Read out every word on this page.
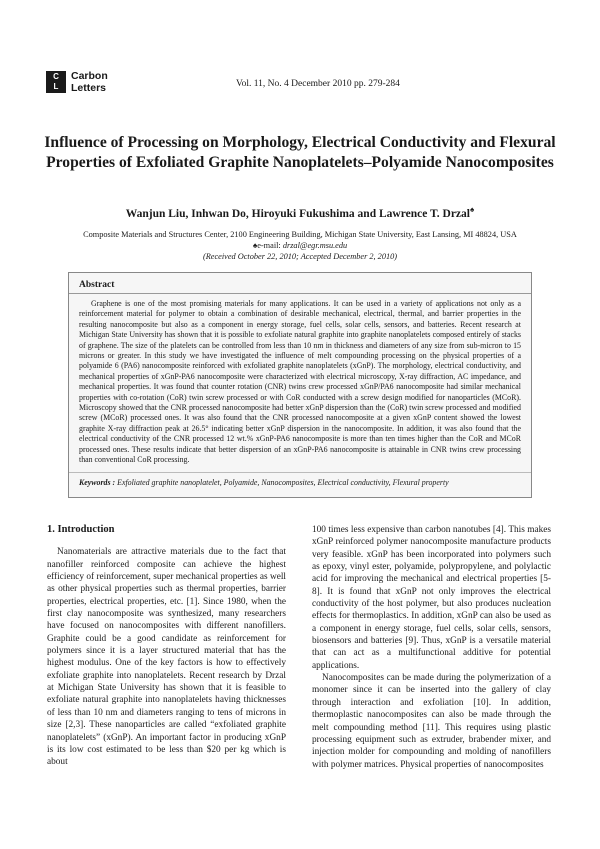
C
L
Carbon
Letters	Vol. 11, No. 4 December 2010 pp. 279-284
Influence of Processing on Morphology, Electrical Conductivity and Flexural Properties of Exfoliated Graphite Nanoplatelets–Polyamide Nanocomposites
Wanjun Liu, Inhwan Do, Hiroyuki Fukushima and Lawrence T. Drzal♠
Composite Materials and Structures Center, 2100 Engineering Building, Michigan State University, East Lansing, MI 48824, USA
♠e-mail: drzal@egr.msu.edu
(Received October 22, 2010; Accepted December 2, 2010)
Abstract

Graphene is one of the most promising materials for many applications. It can be used in a variety of applications not only as a reinforcement material for polymer to obtain a combination of desirable mechanical, electrical, thermal, and barrier properties in the resulting nanocomposite but also as a component in energy storage, fuel cells, solar cells, sensors, and batteries. Recent research at Michigan State University has shown that it is possible to exfoliate natural graphite into graphite nanoplatelets composed entirely of stacks of graphene. The size of the platelets can be controlled from less than 10 nm in thickness and diameters of any size from sub-micron to 15 microns or greater. In this study we have investigated the influence of melt compounding processing on the physical properties of a polyamide 6 (PA6) nanocomposite reinforced with exfoliated graphite nanoplatelets (xGnP). The morphology, electrical conductivity, and mechanical properties of xGnP-PA6 nanocomposite were characterized with electrical microscopy, X-ray diffraction, AC impedance, and mechanical properties. It was found that counter rotation (CNR) twins crew processed xGnP/PA6 nanocomposite had similar mechanical properties with co-rotation (CoR) twin screw processed or with CoR conducted with a screw design modified for nanoparticles (MCoR). Microscopy showed that the CNR processed nanocomposite had better xGnP dispersion than the (CoR) twin screw processed and modified screw (MCoR) processed ones. It was also found that the CNR processed nanocomposite at a given xGnP content showed the lowest graphite X-ray diffraction peak at 26.5° indicating better xGnP dispersion in the nanocomposite. In addition, it was also found that the electrical conductivity of the CNR processed 12 wt.% xGnP-PA6 nanocomposite is more than ten times higher than the CoR and MCoR processed ones. These results indicate that better dispersion of an xGnP-PA6 nanocomposite is attainable in CNR twins crew processing than conventional CoR processing.

Keywords : Exfoliated graphite nanoplatelet, Polyamide, Nanocomposites, Electrical conductivity, Flexural property
1. Introduction

Nanomaterials are attractive materials due to the fact that nanofiller reinforced composite can achieve the highest efficiency of reinforcement, super mechanical properties as well as other physical properties such as thermal properties, barrier properties, electrical properties, etc. [1]. Since 1980, when the first clay nanocomposite was synthesized, many researchers have focused on nanocomposites with different nanofillers. Graphite could be a good candidate as reinforcement for polymers since it is a layer structured material that has the highest modulus. One of the key factors is how to effectively exfoliate graphite into nanoplatelets. Recent research by Drzal at Michigan State University has shown that it is feasible to exfoliate natural graphite into nanoplatelets having thicknesses of less than 10 nm and diameters ranging to tens of microns in size [2,3]. These nanoparticles are called “exfoliated graphite nanoplatelets” (xGnP). An important factor in producing xGnP is its low cost estimated to be less than $20 per kg which is about

100 times less expensive than carbon nanotubes [4]. This makes xGnP reinforced polymer nanocomposite manufacture products very feasible. xGnP has been incorporated into polymers such as epoxy, vinyl ester, polyamide, polypropylene, and polylactic acid for improving the mechanical and electrical properties [5-8]. It is found that xGnP not only improves the electrical conductivity of the host polymer, but also produces nucleation effects for thermoplastics. In addition, xGnP can also be used as a component in energy storage, fuel cells, solar cells, sensors, biosensors and batteries [9]. Thus, xGnP is a versatile material that can act as a multifunctional additive for potential applications.

Nanocomposites can be made during the polymerization of a monomer since it can be inserted into the gallery of clay through interaction and exfoliation [10]. In addition, thermoplastic nanocomposites can also be made through the melt compounding method [11]. This requires using plastic processing equipment such as extruder, brabender mixer, and injection molder for compounding and molding of nanofillers with polymer matrices. Physical properties of nanocomposites
